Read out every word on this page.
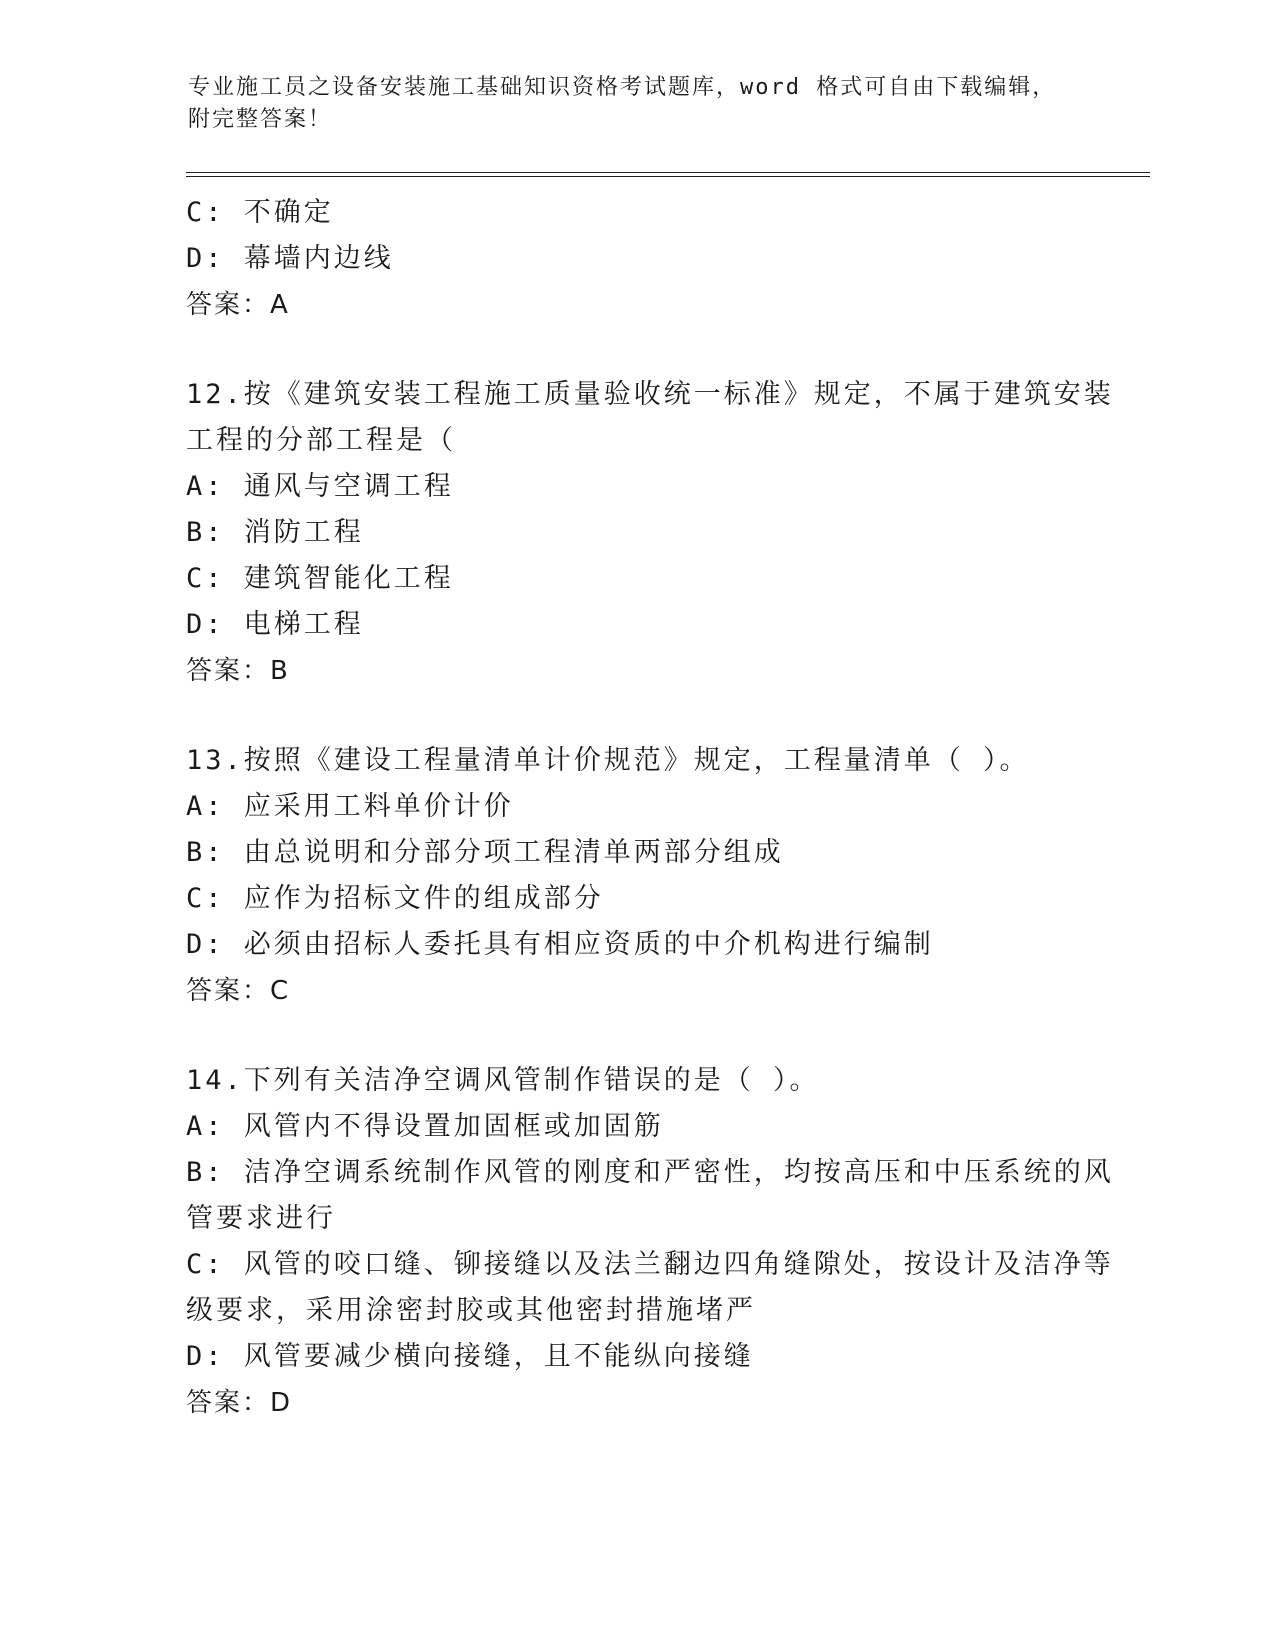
专业施工员之设备安装施工基础知识资格考试题库，word 格式可自由下载编辑，
附完整答案！
C: 不确定
D: 幕墙内边线
答案：A
12.按《建筑安装工程施工质量验收统一标准》规定，不属于建筑安装
工程的分部工程是（
A: 通风与空调工程
B: 消防工程
C: 建筑智能化工程
D: 电梯工程
答案：B
13.按照《建设工程量清单计价规范》规定，工程量清单（ ）。
A: 应采用工料单价计价
B: 由总说明和分部分项工程清单两部分组成
C: 应作为招标文件的组成部分
D: 必须由招标人委托具有相应资质的中介机构进行编制
答案：C
14.下列有关洁净空调风管制作错误的是（ ）。
A: 风管内不得设置加固框或加固筋
B: 洁净空调系统制作风管的刚度和严密性，均按高压和中压系统的风
管要求进行
C: 风管的咬口缝、铆接缝以及法兰翻边四角缝隙处，按设计及洁净等
级要求，采用涂密封胶或其他密封措施堵严
D: 风管要减少横向接缝，且不能纵向接缝
答案：D
